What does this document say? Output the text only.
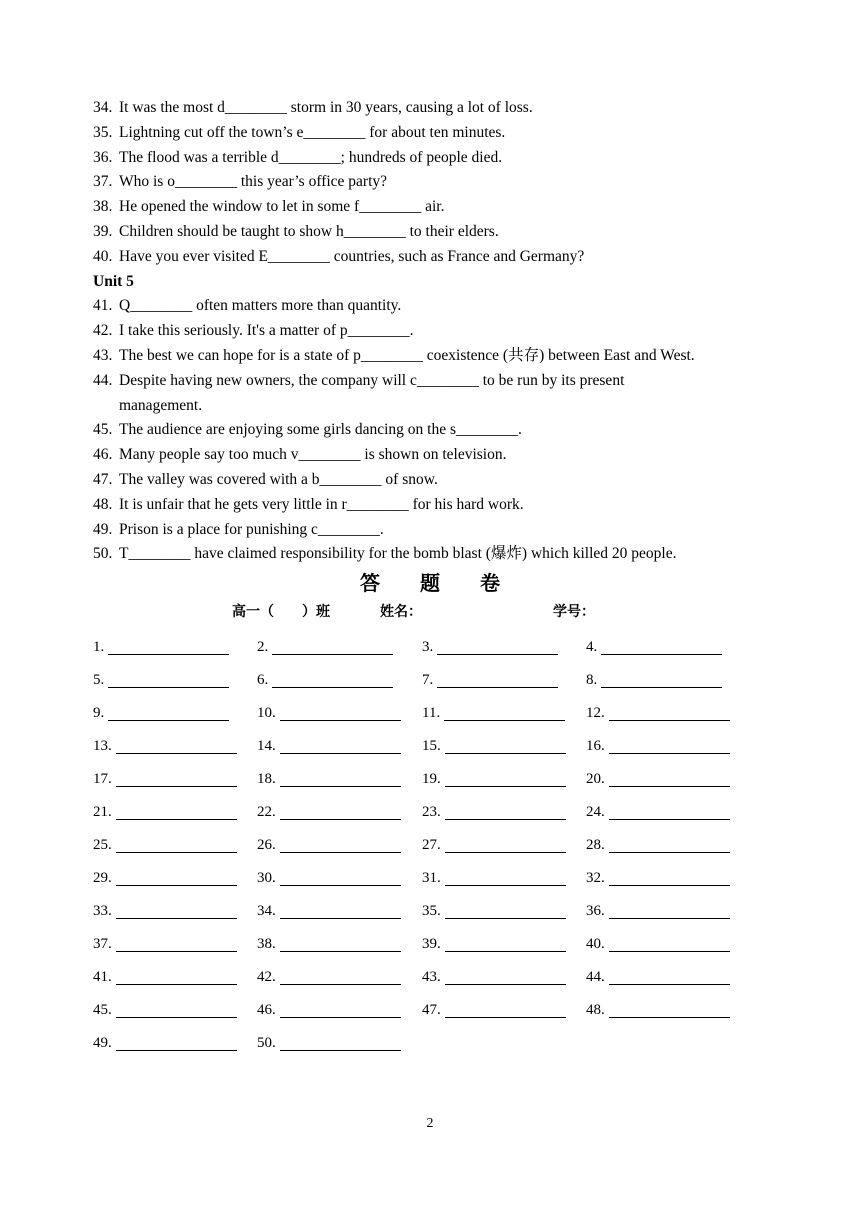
34. It was the most d________ storm in 30 years, causing a lot of loss.
35. Lightning cut off the town’s e________ for about ten minutes.
36. The flood was a terrible d________; hundreds of people died.
37. Who is o________ this year’s office party?
38. He opened the window to let in some f________ air.
39. Children should be taught to show h________ to their elders.
40. Have you ever visited E________ countries, such as France and Germany?
Unit 5
41. Q________ often matters more than quantity.
42. I take this seriously. It's a matter of p________.
43. The best we can hope for is a state of p________ coexistence (共存) between East and West.
44. Despite having new owners, the company will c________ to be run by its present management.
45. The audience are enjoying some girls dancing on the s________.
46. Many people say too much v________ is shown on television.
47. The valley was covered with a b________ of snow.
48. It is unfair that he gets very little in r________ for his hard work.
49. Prison is a place for punishing c________.
50. T________ have claimed responsibility for the bomb blast (爆炸) which killed 20 people.
答题卷
高一（　　）班	姓名：	学号：
1.	2.	3.	4.
5.	6.	7.	8.
9.	10.	11.	12.
13.	14.	15.	16.
17.	18.	19.	20.
21.	22.	23.	24.
25.	26.	27.	28.
29.	30.	31.	32.
33.	34.	35.	36.
37.	38.	39.	40.
41.	42.	43.	44.
45.	46.	47.	48.
49.	50.
2
